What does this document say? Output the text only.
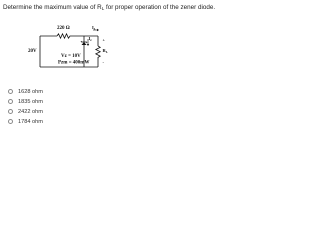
Determine the maximum value of $R_L$ for proper operation of the zener diode.
220 Ω
20V
Vz = 10V
Pzm = 400mW
$I_L$
$I_z$
$R_L$
+
-
1628 ohm
1835 ohm
2422 ohm
1784 ohm
